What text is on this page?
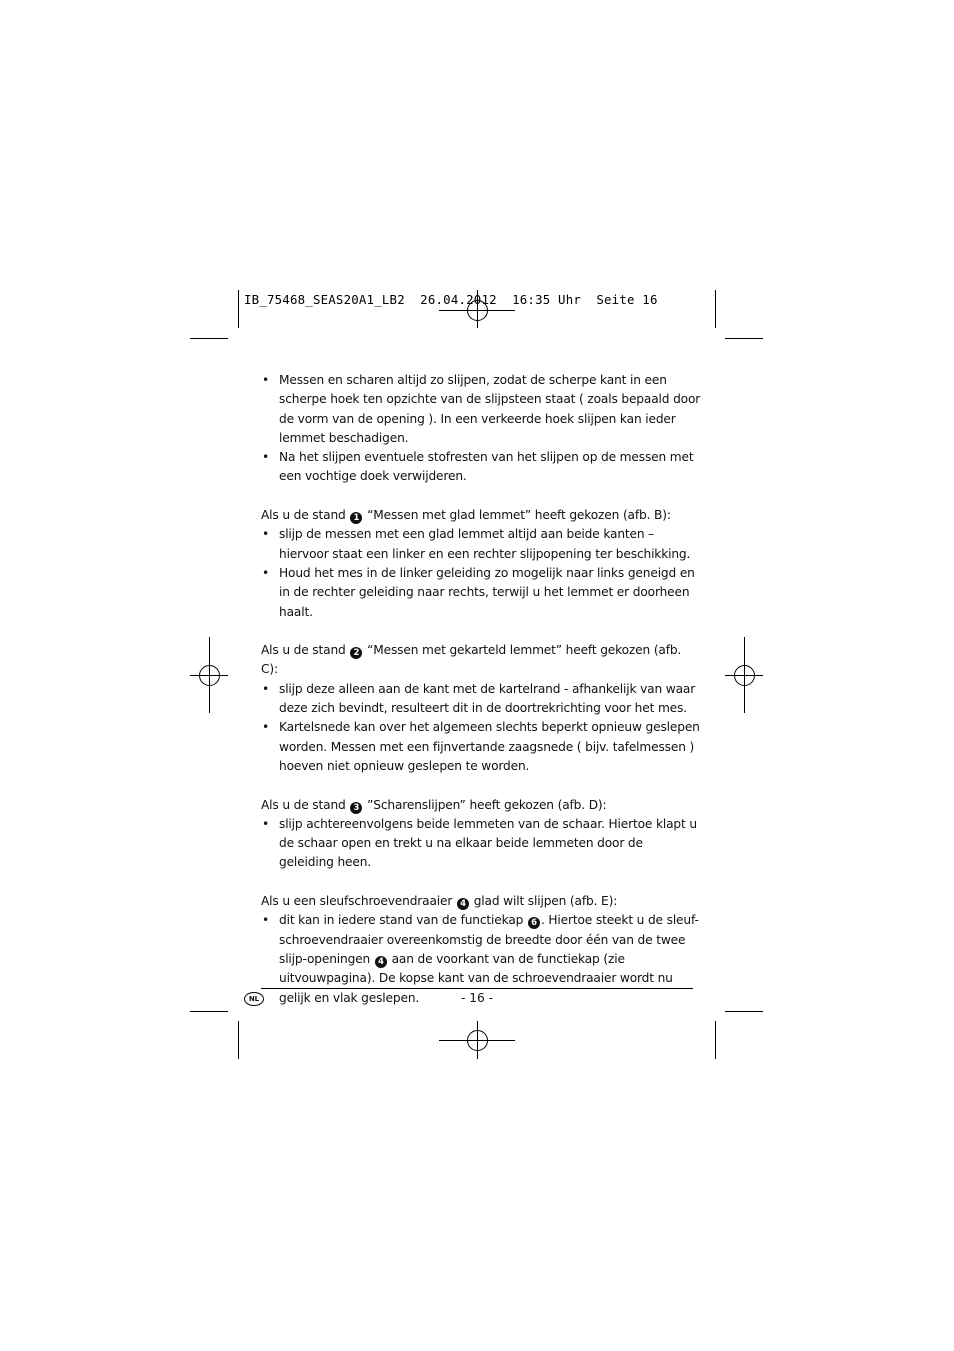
IB_75468_SEAS20A1_LB2  26.04.2012  16:35 Uhr  Seite 16
• Messen en scharen altijd zo slijpen, zodat de scherpe kant in een scherpe hoek ten opzichte van de slijpsteen staat ( zoals bepaald door de vorm van de opening ). In een verkeerde hoek slijpen kan ieder lemmet beschadigen.
• Na het slijpen eventuele stofresten van het slijpen op de messen met een vochtige doek verwijderen.
Als u de stand 1 “Messen met glad lemmet” heeft gekozen (afb. B):
• slijp de messen met een glad lemmet altijd aan beide kanten – hiervoor staat een linker en een rechter slijpopening ter beschikking.
• Houd het mes in de linker geleiding zo mogelijk naar links geneigd en in de rechter geleiding naar rechts, terwijl u het lemmet er doorheen haalt.
Als u de stand 2 “Messen met gekarteld lemmet” heeft gekozen (afb. C):
• slijp deze alleen aan de kant met de kartelrand - afhankelijk van waar deze zich bevindt, resulteert dit in de doortrekrichting voor het mes.
• Kartelsnede kan over het algemeen slechts beperkt opnieuw geslepen worden. Messen met een fijnvertande zaagsnede ( bijv. tafelmessen ) hoeven niet opnieuw geslepen te worden.
Als u de stand 3 ”Scharenslijpen” heeft gekozen (afb. D):
• slijp achtereenvolgens beide lemmeten van de schaar. Hiertoe klapt u de schaar open en trekt u na elkaar beide lemmeten door de geleiding heen.
Als u een sleufschroevendraaier 4 glad wilt slijpen (afb. E):
• dit kan in iedere stand van de functiekap 6 . Hiertoe steekt u de sleuf-schroevendraaier overeenkomstig de breedte door één van de twee slijp-openingen 4 aan de voorkant van de functiekap (zie uitvouwpagina). De kopse kant van de schroevendraaier wordt nu gelijk en vlak geslepen.
NL	- 16 -
